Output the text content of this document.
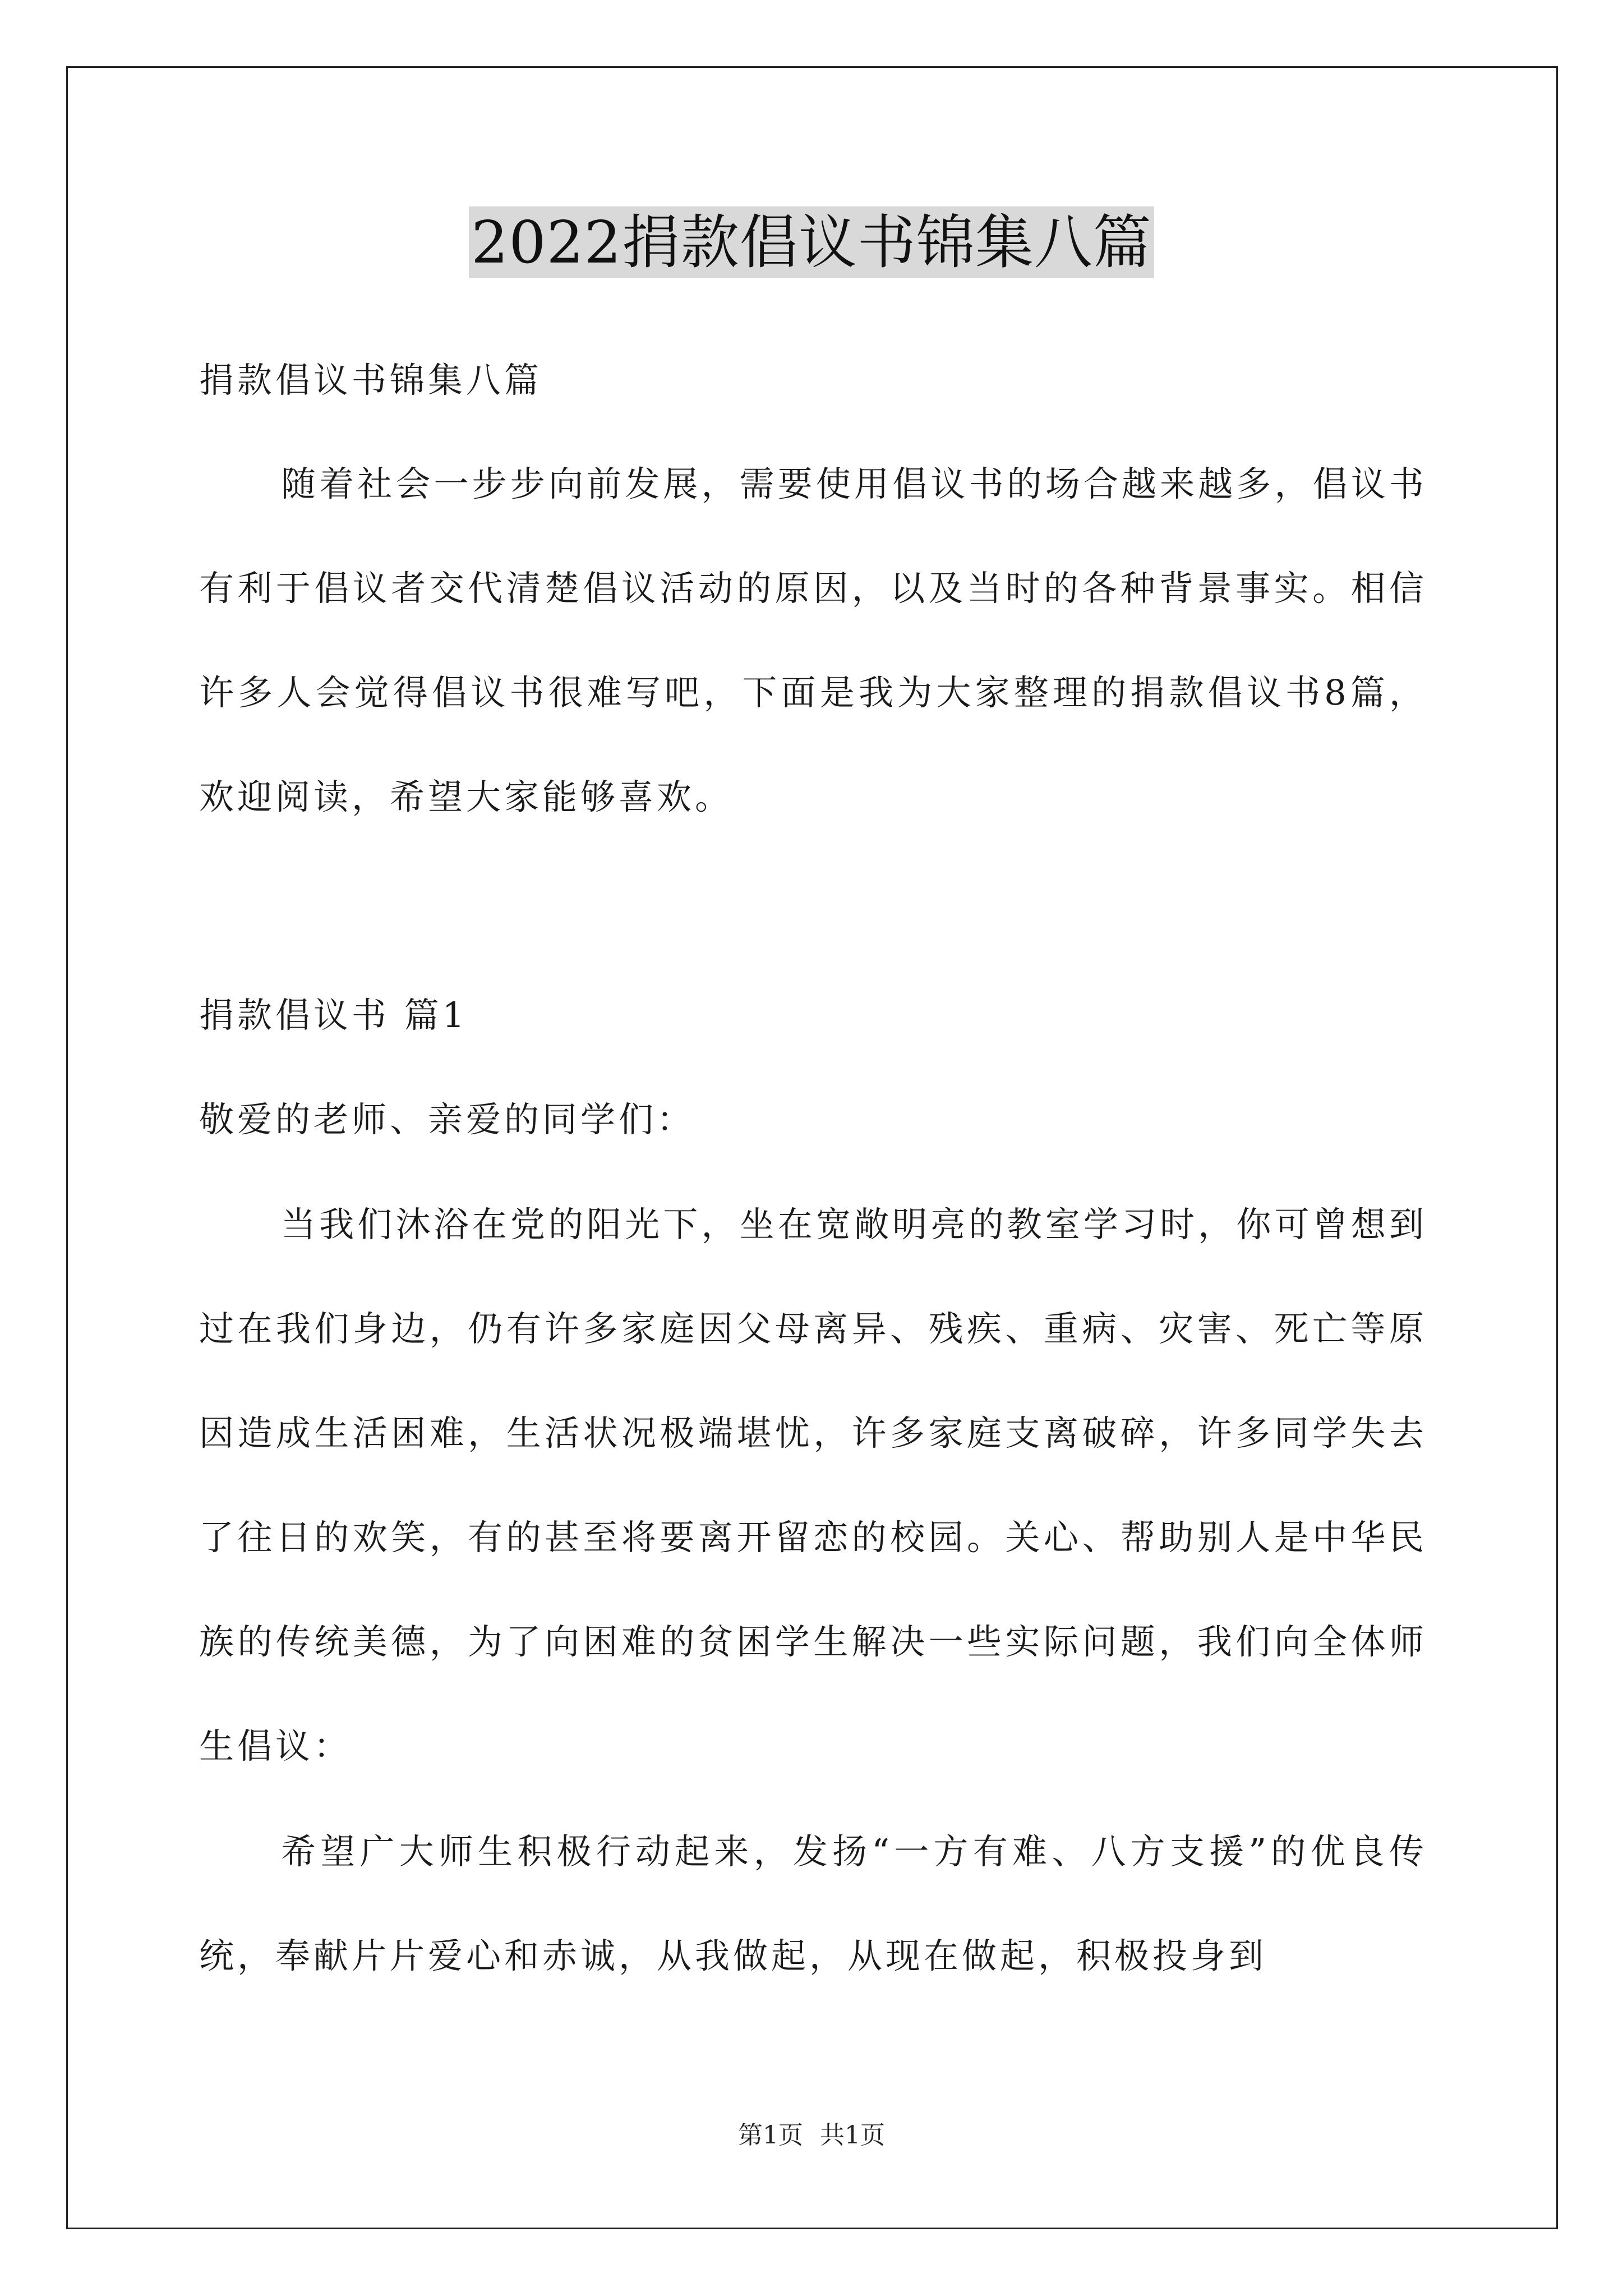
2022捐款倡议书锦集八篇
捐款倡议书锦集八篇

随着社会一步步向前发展，需要使用倡议书的场合越来越多，倡议书有利于倡议者交代清楚倡议活动的原因，以及当时的各种背景事实。相信许多人会觉得倡议书很难写吧，下面是我为大家整理的捐款倡议书8篇，欢迎阅读，希望大家能够喜欢。

捐款倡议书 篇1
敬爱的老师、亲爱的同学们：

当我们沐浴在党的阳光下，坐在宽敞明亮的教室学习时，你可曾想到过在我们身边，仍有许多家庭因父母离异、残疾、重病、灾害、死亡等原因造成生活困难，生活状况极端堪忧，许多家庭支离破碎，许多同学失去了往日的欢笑，有的甚至将要离开留恋的校园。关心、帮助别人是中华民族的传统美德，为了向困难的贫困学生解决一些实际问题，我们向全体师生倡议：

希望广大师生积极行动起来，发扬“一方有难、八方支援”的优良传统，奉献片片爱心和赤诚，从我做起，从现在做起，积极投身到

第1页 共1页
